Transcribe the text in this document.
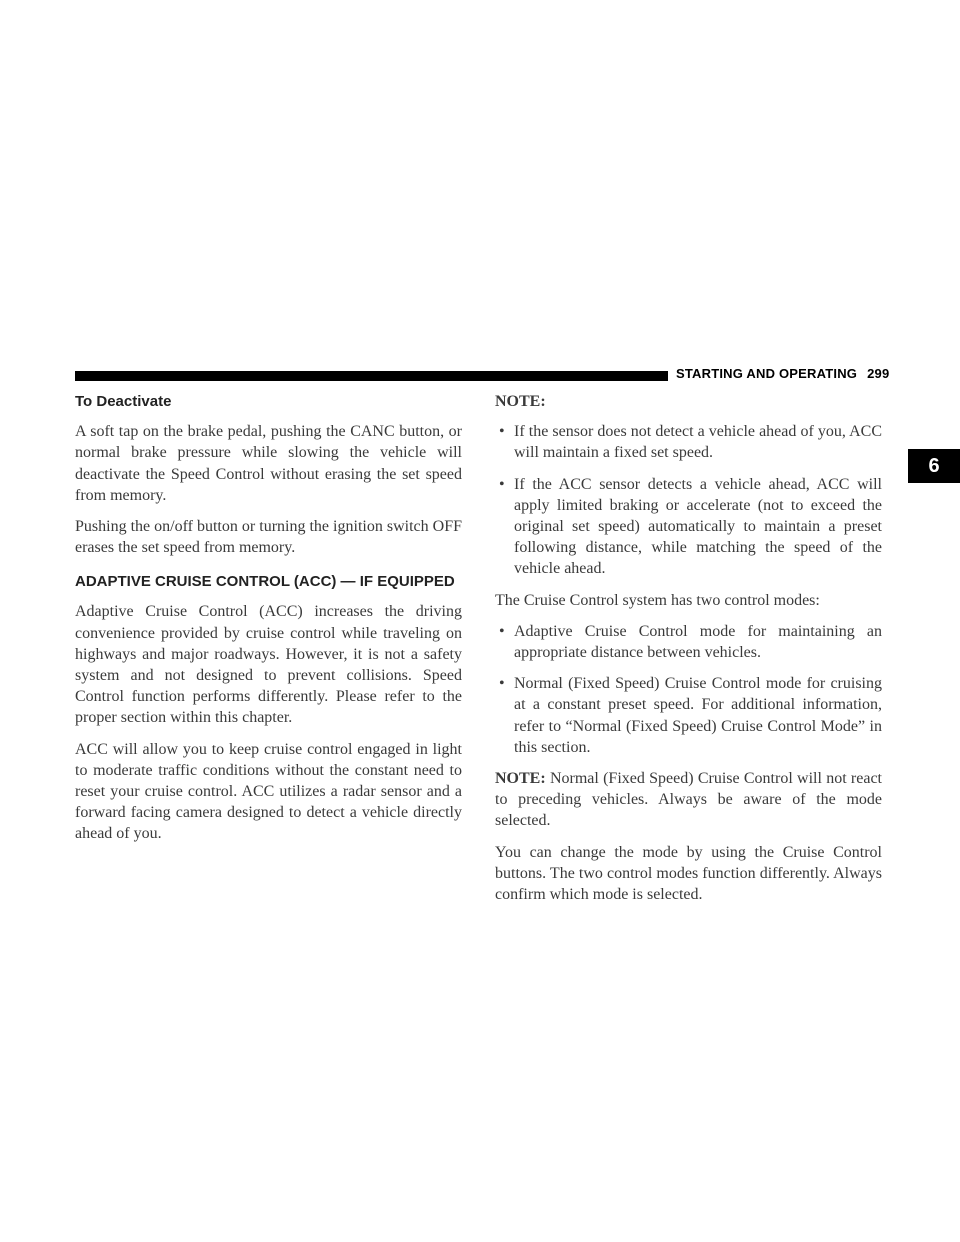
STARTING AND OPERATING 299
6
To Deactivate

A soft tap on the brake pedal, pushing the CANC button, or normal brake pressure while slowing the vehicle will deactivate the Speed Control without erasing the set speed from memory.

Pushing the on/off button or turning the ignition switch OFF erases the set speed from memory.

ADAPTIVE CRUISE CONTROL (ACC) — IF EQUIPPED

Adaptive Cruise Control (ACC) increases the driving convenience provided by cruise control while traveling on highways and major roadways. However, it is not a safety system and not designed to prevent collisions. Speed Control function performs differently. Please refer to the proper section within this chapter.

ACC will allow you to keep cruise control engaged in light to moderate traffic conditions without the constant need to reset your cruise control. ACC utilizes a radar sensor and a forward facing camera designed to detect a vehicle directly ahead of you.

NOTE:
• If the sensor does not detect a vehicle ahead of you, ACC will maintain a fixed set speed.
• If the ACC sensor detects a vehicle ahead, ACC will apply limited braking or accelerate (not to exceed the original set speed) automatically to maintain a preset following distance, while matching the speed of the vehicle ahead.

The Cruise Control system has two control modes:

• Adaptive Cruise Control mode for maintaining an appropriate distance between vehicles.
• Normal (Fixed Speed) Cruise Control mode for cruising at a constant preset speed. For additional information, refer to “Normal (Fixed Speed) Cruise Control Mode” in this section.

NOTE: Normal (Fixed Speed) Cruise Control will not react to preceding vehicles. Always be aware of the mode selected.

You can change the mode by using the Cruise Control buttons. The two control modes function differently. Always confirm which mode is selected.
